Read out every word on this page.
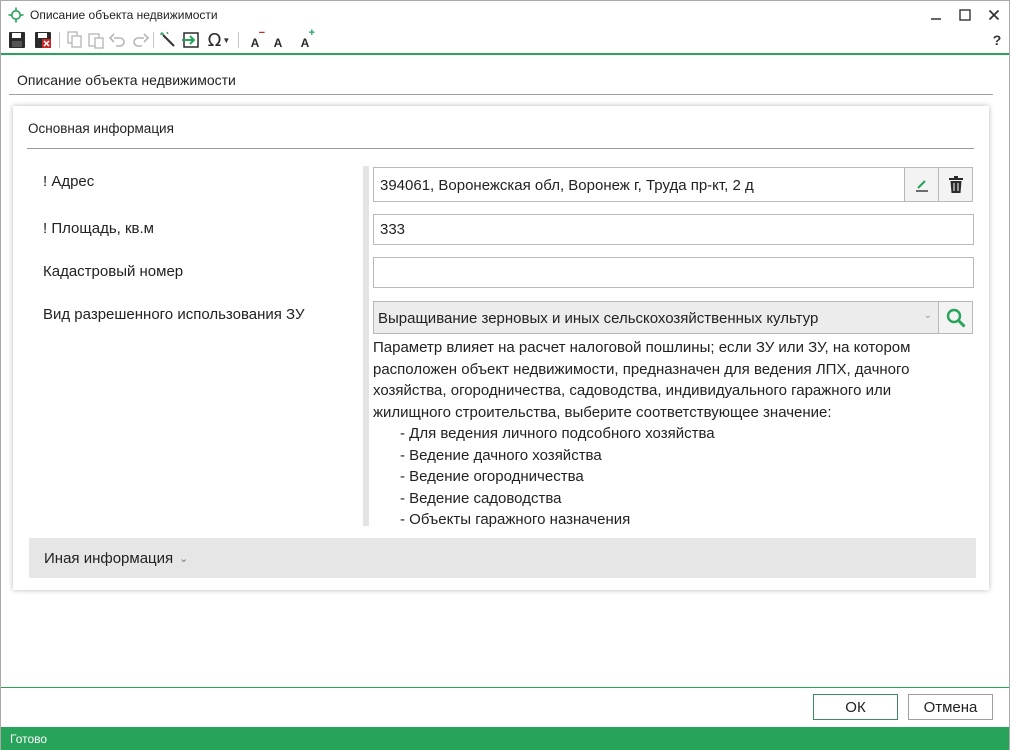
Описание объекта недвижимости
Ω ▼ A
−
A A
+	?
Описание объекта недвижимости
Основная информация
! Адрес	394061, Воронежская обл, Воронеж г, Труда пр-кт, 2 д
! Площадь, кв.м	333
Кадастровый номер
Вид разрешенного использования ЗУ	Выращивание зерновых и иных сельскохозяйственных культур	⌄
Параметр влияет на расчет налоговой пошлины; если ЗУ или ЗУ, на котором расположен объект недвижимости, предназначен для ведения ЛПХ, дачного хозяйства, огородничества, садоводства, индивидуального гаражного или жилищного строительства, выберите соответствующее значение:
- Для ведения личного подсобного хозяйства
- Ведение дачного хозяйства
- Ведение огородничества
- Ведение садоводства
- Объекты гаражного назначения
Иная информация ⌄
ОК	Отмена
Готово
